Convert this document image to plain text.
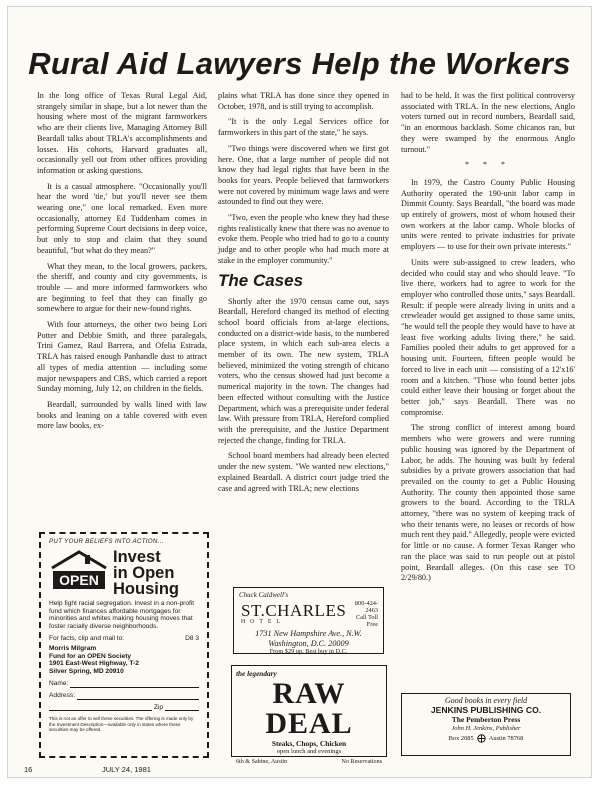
Rural Aid Lawyers Help the Workers

In the long office of Texas Rural Legal Aid, strangely similar in shape, but a lot newer than the housing where most of the migrant farmworkers who are their clients live, Managing Attorney Bill Beardall talks about TRLA's accomplishments and losses. His cohorts, Harvard graduates all, occasionally yell out from other offices providing information or asking questions.

It is a casual atmosphere. "Occasionally you'll hear the word 'tie,' but you'll never see them wearing one," one local remarked. Even more occasionally, attorney Ed Tuddenham comes in performing Supreme Court decisions in deep voice, but only to stop and claim that they sound beautiful, "but what do they mean?"

What they mean, to the local growers, packers, the sheriff, and county and city governments, is trouble — and more informed farmworkers who are beginning to feel that they can finally go somewhere to argue for their new-found rights.

With four attorneys, the other two being Lori Potter and Debbie Smith, and three paralegals, Trini Gamez, Raul Barrera, and Ofelia Estrada, TRLA has raised enough Panhandle dust to attract all types of media attention — including some major newspapers and CBS, which carried a report Sunday morning, July 12, on children in the fields.

Beardall, surrounded by walls lined with law books and leaning on a table covered with even more law books, ex-

plains what TRLA has done since they opened in October, 1978, and is still trying to accomplish.

"It is the only Legal Services office for farmworkers in this part of the state," he says.

"Two things were discovered when we first got here. One, that a large number of people did not know they had legal rights that have been in the books for years. People believed that farmworkers were not covered by minimum wage laws and were astounded to find out they were.

"Two, even the people who knew they had these rights realistically knew that there was no avenue to evoke them. People who tried had to go to a county judge and to other people who had much more at stake in the employer community."

The Cases

Shortly after the 1970 census came out, says Beardall, Hereford changed its method of electing school board officials from at-large elections, conducted on a district-wide basis, to the numbered place system, in which each sub-area elects a member of its own. The new system, TRLA believed, minimized the voting strength of chicano voters, who the census showed had just become a numerical majority in the town. The changes had been effected without consulting with the Justice Department, which was a prerequisite under federal law. With pressure from TRLA, Hereford complied with the prerequisite, and the Justice Department rejected the change, finding for TRLA.

School board members had already been elected under the new system. "We wanted new elections," explained Beardall. A district court judge tried the case and agreed with TRLA; new elections

had to be held. It was the first political controversy associated with TRLA. In the new elections, Anglo voters turned out in record numbers, Beardall said, "in an enormous backlash. Some chicanos ran, but they were swamped by the enormous Anglo turnout."

* * *

In 1979, the Castro County Public Housing Authority operated the 190-unit labor camp in Dimmit County. Says Beardall, "the board was made up entirely of growers, most of whom housed their own workers at the labor camp. Whole blocks of units were rented to private industries for private employers — to use for their own private interests."

Units were sub-assigned to crew leaders, who decided who could stay and who should leave. "To live there, workers had to agree to work for the employer who controlled those units," says Beardall. Result: if people were already living in units and a crewleader would get assigned to those same units, "he would tell the people they would have to have at least five working adults living there," he said. Families pooled their adults to get approved for a housing unit. Fourteen, fifteen people would be forced to live in each unit — consisting of a 12'x16' room and a kitchen. "Those who found better jobs could either leave their housing or forget about the better job," says Beardall. There was no compromise.

The strong conflict of interest among board members who were growers and were running public housing was ignored by the Department of Labor, he adds. The housing was built by federal subsidies by a private growers association that had prevailed on the county to get a Public Housing Authority. The county then appointed those same growers to the board. According to the TRLA attorney, "there was no system of keeping track of who their tenants were, no leases or records of how much rent they paid." Allegedly, people were evicted for little or no cause. A former Texas Ranger who ran the place was said to run people out at pistol point, Beardall alleges. (On this case see TO 2/29/80.)

PUT YOUR BELIEFS INTO ACTION...
OPEN
Invest
in Open
Housing
Help fight racial segregation. Invest in a non-profit fund which finances affordable mortgages for minorities and whites making housing moves that foster racially diverse neighborhoods.
For facts, clip and mail to:	D8 3
Morris Milgram
Fund for an OPEN Society
1901 East-West Highway, T-2
Silver Spring, MD 20910
Name:
Address:
Zip
This is not an offer to sell these securities. The offering is made only by the Investment Description—available only in states where these securities may be offered.
Chuck Caldwell's
ST.CHARLES
HOTEL
800-424-2463
Call Toll Free
1731 New Hampshire Ave., N.W.
Washington, D.C. 20009
From $29 up. Best buy in D.C.
the legendary
RAW DEAL
Steaks, Chops, Chicken
open lunch and evenings
6th & Sabine, Austin	No Reservations
Good books in every field
JENKINS PUBLISHING CO.
The Pemberton Press
John H. Jenkins, Publisher
Box 2085 Austin 78768
16	JULY 24, 1981
